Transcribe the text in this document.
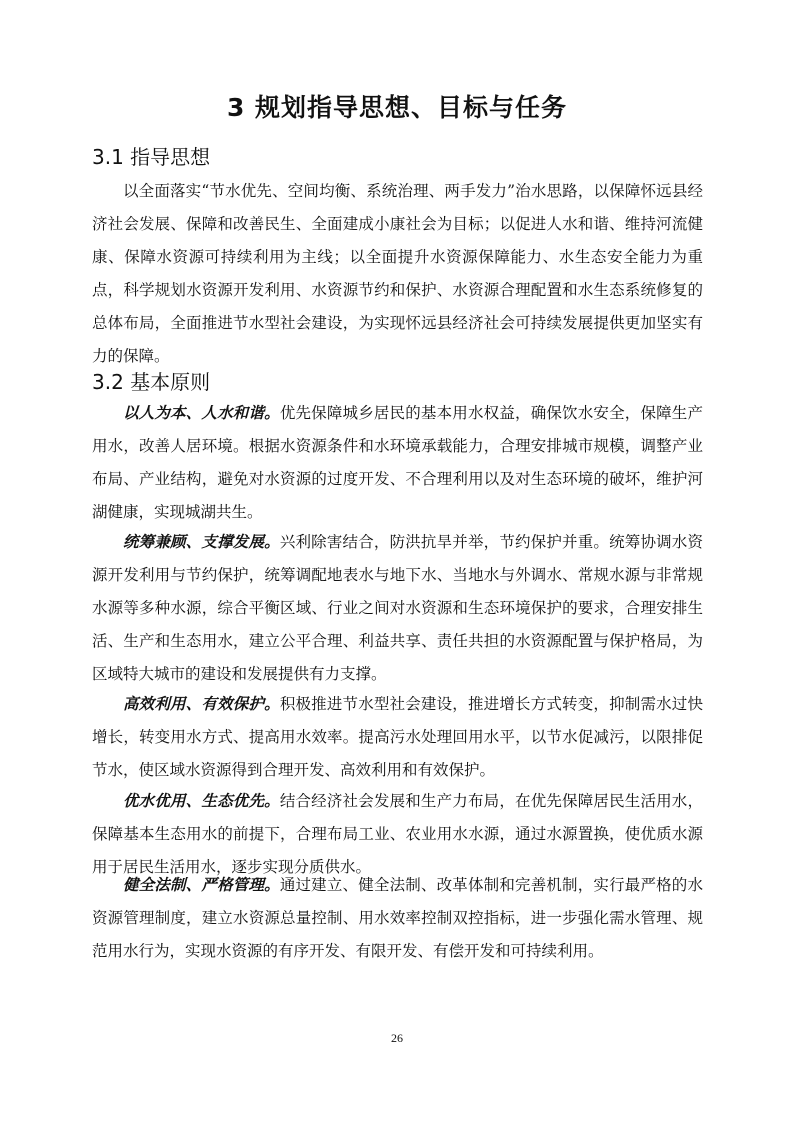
3 规划指导思想、目标与任务
3.1 指导思想

以全面落实“节水优先、空间均衡、系统治理、两手发力”治水思路，以保障怀远县经济社会发展、保障和改善民生、全面建成小康社会为目标；以促进人水和谐、维持河流健康、保障水资源可持续利用为主线；以全面提升水资源保障能力、水生态安全能力为重点，科学规划水资源开发利用、水资源节约和保护、水资源合理配置和水生态系统修复的总体布局，全面推进节水型社会建设，为实现怀远县经济社会可持续发展提供更加坚实有力的保障。

3.2 基本原则

以人为本、人水和谐。优先保障城乡居民的基本用水权益，确保饮水安全，保障生产用水，改善人居环境。根据水资源条件和水环境承载能力，合理安排城市规模，调整产业布局、产业结构，避免对水资源的过度开发、不合理利用以及对生态环境的破坏，维护河湖健康，实现城湖共生。

统筹兼顾、支撑发展。兴利除害结合，防洪抗旱并举，节约保护并重。统筹协调水资源开发利用与节约保护，统筹调配地表水与地下水、当地水与外调水、常规水源与非常规水源等多种水源，综合平衡区域、行业之间对水资源和生态环境保护的要求，合理安排生活、生产和生态用水，建立公平合理、利益共享、责任共担的水资源配置与保护格局，为区域特大城市的建设和发展提供有力支撑。

高效利用、有效保护。积极推进节水型社会建设，推进增长方式转变，抑制需水过快增长，转变用水方式、提高用水效率。提高污水处理回用水平，以节水促减污，以限排促节水，使区域水资源得到合理开发、高效利用和有效保护。

优水优用、生态优先。结合经济社会发展和生产力布局，在优先保障居民生活用水，保障基本生态用水的前提下，合理布局工业、农业用水水源，通过水源置换，使优质水源用于居民生活用水，逐步实现分质供水。

健全法制、严格管理。通过建立、健全法制、改革体制和完善机制，实行最严格的水资源管理制度，建立水资源总量控制、用水效率控制双控指标，进一步强化需水管理、规范用水行为，实现水资源的有序开发、有限开发、有偿开发和可持续利用。

26
